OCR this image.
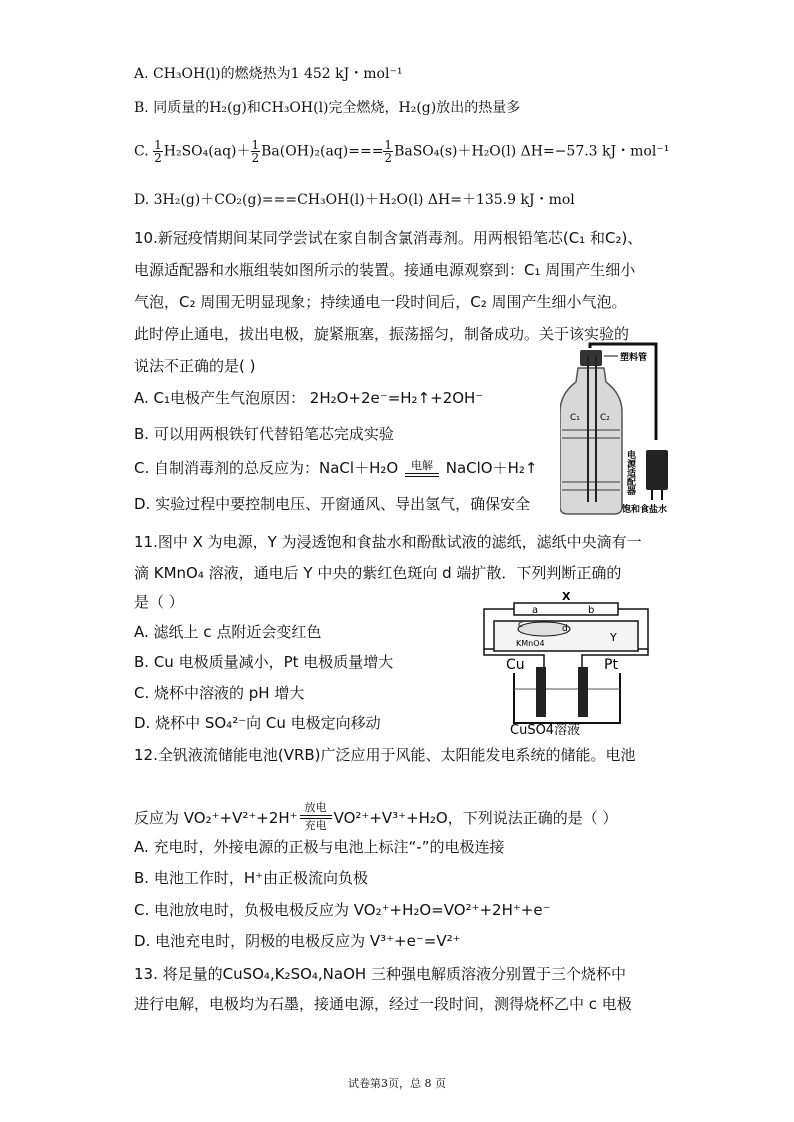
A. CH₃OH(l)的燃烧热为1 452 kJ・mol⁻¹
B. 同质量的H₂(g)和CH₃OH(l)完全燃烧，H₂(g)放出的热量多
C. $\frac{1}{2} H_2SO_4(aq)+ \frac{1}{2} Ba(OH)_2(aq)=== \frac{1}{2}$ BaSO₄(s)＋H₂O(l) ΔH=−57.3 kJ・mol⁻¹
D. 3H₂(g)＋CO₂(g)===CH₃OH(l)＋H₂O(l) ΔH=＋135.9 kJ・mol
10.新冠疫情期间某同学尝试在家自制含氯消毒剂。用两根铅笔芯(C₁ 和C₂)、
电源适配器和水瓶组装如图所示的装置。接通电源观察到：C₁ 周围产生细小
气泡，C₂ 周围无明显现象；持续通电一段时间后，C₂ 周围产生细小气泡。
此时停止通电，拔出电极，旋紧瓶塞，振荡摇匀，制备成功。关于该实验的
说法不正确的是( )
A. C₁电极产生气泡原因： 2H₂O+2e⁻=H₂↑+2OH⁻
B. 可以用两根铁钉代替铅笔芯完成实验
C. 自制消毒剂的总反应为：NaCl＋H₂O 电解 NaClO＋H₂↑
D. 实验过程中要控制电压、开窗通风、导出氢气，确保安全
C₁ C₂
塑料管
电源适配器
饱和食盐水
11.图中 X 为电源，Y 为浸透饱和食盐水和酚酞试液的滤纸，滤纸中央滴有一
滴 KMnO₄ 溶液，通电后 Y 中央的紫红色斑向 d 端扩散．下列判断正确的
是（ ）
A. 滤纸上 c 点附近会变红色
B. Cu 电极质量减小，Pt 电极质量增大
C. 烧杯中溶液的 pH 增大
D. 烧杯中 SO₄²⁻向 Cu 电极定向移动
X
a	b
c	d
KMnO4	Y
Cu	Pt
CuSO4溶液
12.全钒液流储能电池(VRB)广泛应用于风能、太阳能发电系统的储能。电池
反应为 VO₂⁺+V²⁺+2H⁺
放电
充电 VO²⁺+V³⁺+H₂O，下列说法正确的是（ ）
A. 充电时，外接电源的正极与电池上标注“-”的电极连接
B. 电池工作时，H⁺由正极流向负极
C. 电池放电时，负极电极反应为 VO₂⁺+H₂O=VO²⁺+2H⁺+e⁻
D. 电池充电时，阴极的电极反应为 V³⁺+e⁻=V²⁺
13. 将足量的CuSO₄,K₂SO₄,NaOH 三种强电解质溶液分别置于三个烧杯中
进行电解，电极均为石墨，接通电源，经过一段时间，测得烧杯乙中 c 电极
试卷第3页，总 8 页
